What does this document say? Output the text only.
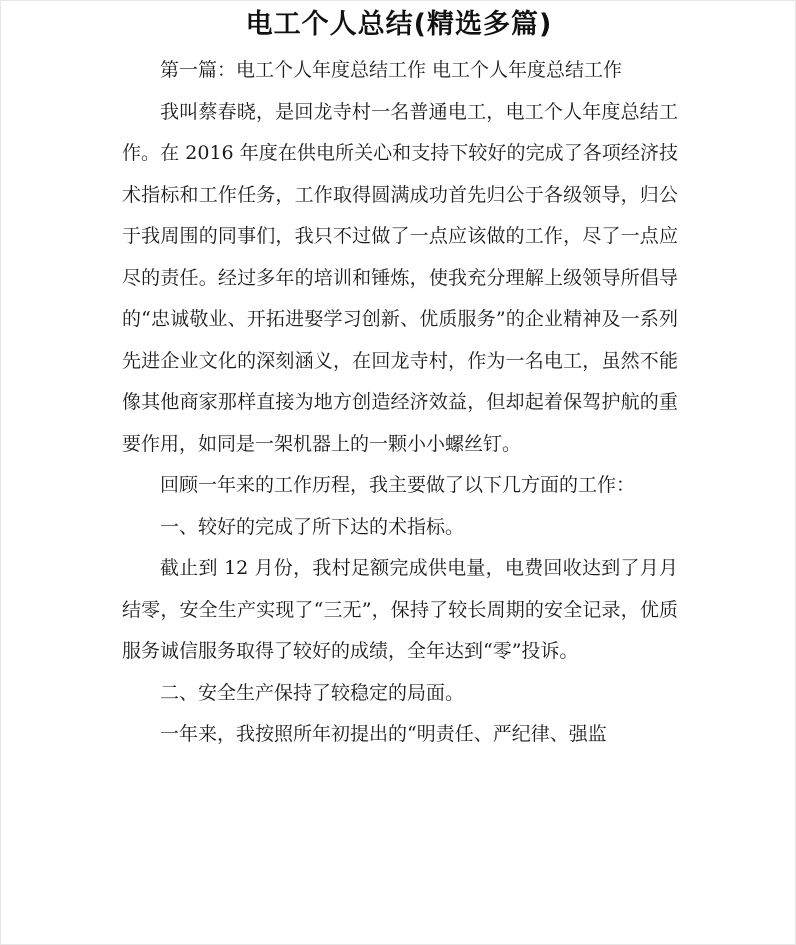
电工个人总结(精选多篇)

第一篇：电工个人年度总结工作 电工个人年度总结工作

我叫蔡春晓，是回龙寺村一名普通电工，电工个人年度总结工作。在 2016 年度在供电所关心和支持下较好的完成了各项经济技术指标和工作任务，工作取得圆满成功首先归公于各级领导，归公于我周围的同事们，我只不过做了一点应该做的工作，尽了一点应尽的责任。经过多年的培训和锤炼，使我充分理解上级领导所倡导的“忠诚敬业、开拓进娶学习创新、优质服务”的企业精神及一系列先进企业文化的深刻涵义，在回龙寺村，作为一名电工，虽然不能像其他商家那样直接为地方创造经济效益，但却起着保驾护航的重要作用，如同是一架机器上的一颗小小螺丝钉。

回顾一年来的工作历程，我主要做了以下几方面的工作：

一、较好的完成了所下达的术指标。

截止到 12 月份，我村足额完成供电量，电费回收达到了月月结零，安全生产实现了“三无”，保持了较长周期的安全记录，优质服务诚信服务取得了较好的成绩，全年达到“零”投诉。

二、安全生产保持了较稳定的局面。

一年来，我按照所年初提出的“明责任、严纪律、强监
